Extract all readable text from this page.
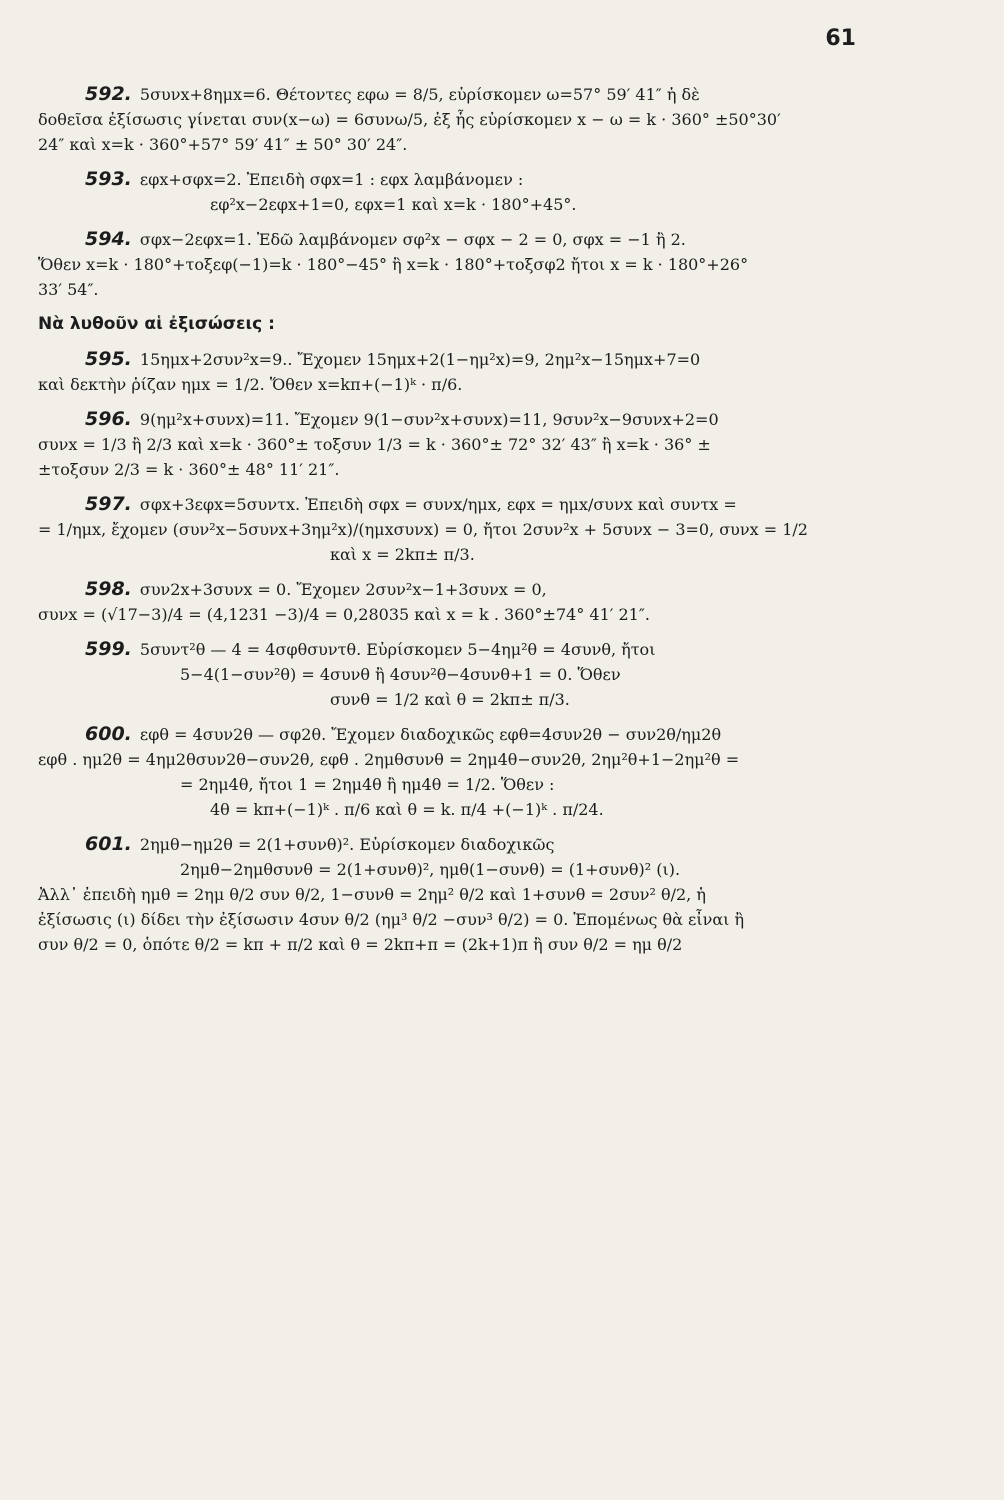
61
592. 5συνx+8ημx=6. Θέτοντες εφω = 8/5, εὑρίσκομεν ω=57° 59′ 41″ ἡ δὲ
δοθεῖσα ἐξίσωσις γίνεται συν(x−ω) = 6συνω/5, ἐξ ἧς εὑρίσκομεν x − ω = k · 360° ±50°30′
24″ καὶ x=k · 360°+57° 59′ 41″ ± 50° 30′ 24″.
593. εφx+σφx=2. Ἐπειδὴ σφx=1 : εφx λαμβάνομεν :
εφ²x−2εφx+1=0, εφx=1 καὶ x=k · 180°+45°.
594. σφx−2εφx=1. Ἐδῶ λαμβάνομεν σφ²x − σφx − 2 = 0, σφx = −1 ἢ 2.
Ὅθεν x=k · 180°+τοξεφ(−1)=k · 180°−45° ἢ x=k · 180°+τοξσφ2 ἤτοι x = k · 180°+26°
33′ 54″.
Νὰ λυθοῦν αἱ ἐξισώσεις :
595. 15ημx+2συν²x=9.. Ἔχομεν 15ημx+2(1−ημ²x)=9, 2ημ²x−15ημx+7=0
καὶ δεκτὴν ῥίζαν ημx = 1/2. Ὅθεν x=kπ+(−1)ᵏ · π/6.
596. 9(ημ²x+συνx)=11. Ἔχομεν 9(1−συν²x+συνx)=11, 9συν²x−9συνx+2=0
συνx = 1/3 ἢ 2/3 καὶ x=k · 360°± τοξσυν 1/3 = k · 360°± 72° 32′ 43″ ἢ x=k · 36° ±
±τοξσυν 2/3 = k · 360°± 48° 11′ 21″.
597. σφx+3εφx=5συντx. Ἐπειδὴ σφx = συνx/ημx, εφx = ημx/συνx καὶ συντx =
= 1/ημx, ἔχομεν (συν²x−5συνx+3ημ²x)/(ημxσυνx) = 0, ἤτοι 2συν²x + 5συνx − 3=0, συνx = 1/2
καὶ x = 2kπ± π/3.
598. συν2x+3συνx = 0. Ἔχομεν 2συν²x−1+3συνx = 0,
συνx = (√17−3)/4 = (4,1231 −3)/4 = 0,28035 καὶ x = k . 360°±74° 41′ 21″.
599. 5συντ²θ — 4 = 4σφθσυντθ. Εὑρίσκομεν 5−4ημ²θ = 4συνθ, ἤτοι
5−4(1−συν²θ) = 4συνθ ἢ 4συν²θ−4συνθ+1 = 0. Ὅθεν
συνθ = 1/2 καὶ θ = 2kπ± π/3.
600. εφθ = 4συν2θ — σφ2θ. Ἔχομεν διαδοχικῶς εφθ=4συν2θ − συν2θ/ημ2θ
εφθ . ημ2θ = 4ημ2θσυν2θ−συν2θ, εφθ . 2ημθσυνθ = 2ημ4θ−συν2θ, 2ημ²θ+1−2ημ²θ =
= 2ημ4θ, ἤτοι 1 = 2ημ4θ ἢ ημ4θ = 1/2. Ὅθεν :
4θ = kπ+(−1)ᵏ . π/6 καὶ θ = k. π/4 +(−1)ᵏ . π/24.
601. 2ημθ−ημ2θ = 2(1+συνθ)². Εὑρίσκομεν διαδοχικῶς
2ημθ−2ημθσυνθ = 2(1+συνθ)², ημθ(1−συνθ) = (1+συνθ)² (ι).
Ἀλλ᾽ ἐπειδὴ ημθ = 2ημ θ/2 συν θ/2, 1−συνθ = 2ημ² θ/2 καὶ 1+συνθ = 2συν² θ/2, ἡ
ἐξίσωσις (ι) δίδει τὴν ἐξίσωσιν 4συν θ/2 (ημ³ θ/2 −συν³ θ/2) = 0. Ἑπομένως θὰ εἶναι ἢ
συν θ/2 = 0, ὁπότε θ/2 = kπ + π/2 καὶ θ = 2kπ+π = (2k+1)π ἢ συν θ/2 = ημ θ/2
